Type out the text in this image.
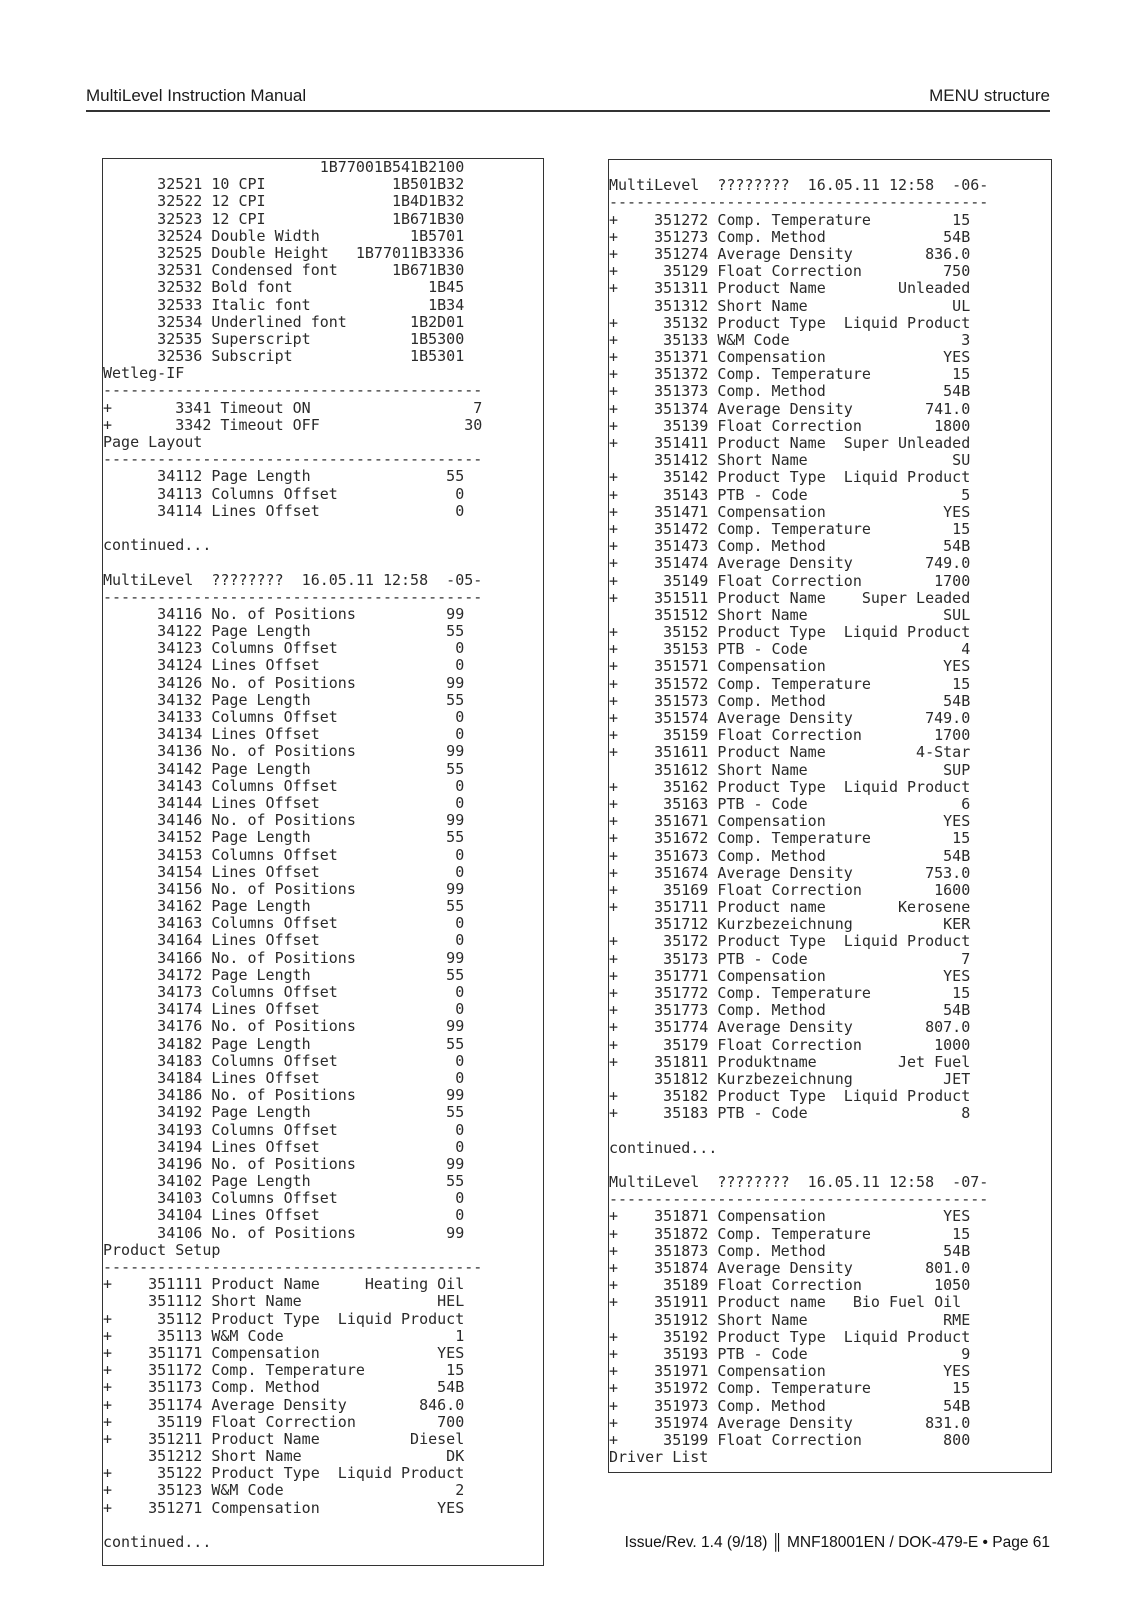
MultiLevel Instruction Manual	MENU structure
1B77001B541B2100
32521 10 CPI              1B501B32
32522 12 CPI              1B4D1B32
32523 12 CPI              1B671B30
32524 Double Width          1B5701
32525 Double Height   1B77011B3336
32531 Condensed font      1B671B30
32532 Bold font               1B45
32533 Italic font             1B34
32534 Underlined font       1B2D01
32535 Superscript           1B5300
32536 Subscript             1B5301
Wetleg-IF
------------------------------------------
+       3341 Timeout ON                  7
+       3342 Timeout OFF                30
Page Layout
------------------------------------------
34112 Page Length               55
34113 Columns Offset             0
34114 Lines Offset               0
continued...
MultiLevel  ????????  16.05.11 12:58  -05-
------------------------------------------
34116 No. of Positions          99
34122 Page Length               55
34123 Columns Offset             0
34124 Lines Offset               0
34126 No. of Positions          99
34132 Page Length               55
34133 Columns Offset             0
34134 Lines Offset               0
34136 No. of Positions          99
34142 Page Length               55
34143 Columns Offset             0
34144 Lines Offset               0
34146 No. of Positions          99
34152 Page Length               55
34153 Columns Offset             0
34154 Lines Offset               0
34156 No. of Positions          99
34162 Page Length               55
34163 Columns Offset             0
34164 Lines Offset               0
34166 No. of Positions          99
34172 Page Length               55
34173 Columns Offset             0
34174 Lines Offset               0
34176 No. of Positions          99
34182 Page Length               55
34183 Columns Offset             0
34184 Lines Offset               0
34186 No. of Positions          99
34192 Page Length               55
34193 Columns Offset             0
34194 Lines Offset               0
34196 No. of Positions          99
34102 Page Length               55
34103 Columns Offset             0
34104 Lines Offset               0
34106 No. of Positions          99
Product Setup
------------------------------------------
+    351111 Product Name     Heating Oil
351112 Short Name               HEL
+     35112 Product Type  Liquid Product
+     35113 W&M Code                   1
+    351171 Compensation             YES
+    351172 Comp. Temperature         15
+    351173 Comp. Method             54B
+    351174 Average Density        846.0
+     35119 Float Correction         700
+    351211 Product Name          Diesel
351212 Short Name                DK
+     35122 Product Type  Liquid Product
+     35123 W&M Code                   2
+    351271 Compensation             YES
continued...
MultiLevel  ????????  16.05.11 12:58  -06-
------------------------------------------
+    351272 Comp. Temperature         15
+    351273 Comp. Method             54B
+    351274 Average Density        836.0
+     35129 Float Correction         750
+    351311 Product Name        Unleaded
351312 Short Name                UL
+     35132 Product Type  Liquid Product
+     35133 W&M Code                   3
+    351371 Compensation             YES
+    351372 Comp. Temperature         15
+    351373 Comp. Method             54B
+    351374 Average Density        741.0
+     35139 Float Correction        1800
+    351411 Product Name  Super Unleaded
351412 Short Name                SU
+     35142 Product Type  Liquid Product
+     35143 PTB - Code                 5
+    351471 Compensation             YES
+    351472 Comp. Temperature         15
+    351473 Comp. Method             54B
+    351474 Average Density        749.0
+     35149 Float Correction        1700
+    351511 Product Name    Super Leaded
351512 Short Name               SUL
+     35152 Product Type  Liquid Product
+     35153 PTB - Code                 4
+    351571 Compensation             YES
+    351572 Comp. Temperature         15
+    351573 Comp. Method             54B
+    351574 Average Density        749.0
+     35159 Float Correction        1700
+    351611 Product Name          4-Star
351612 Short Name               SUP
+     35162 Product Type  Liquid Product
+     35163 PTB - Code                 6
+    351671 Compensation             YES
+    351672 Comp. Temperature         15
+    351673 Comp. Method             54B
+    351674 Average Density        753.0
+     35169 Float Correction        1600
+    351711 Product name        Kerosene
351712 Kurzbezeichnung          KER
+     35172 Product Type  Liquid Product
+     35173 PTB - Code                 7
+    351771 Compensation             YES
+    351772 Comp. Temperature         15
+    351773 Comp. Method             54B
+    351774 Average Density        807.0
+     35179 Float Correction        1000
+    351811 Produktname         Jet Fuel
351812 Kurzbezeichnung          JET
+     35182 Product Type  Liquid Product
+     35183 PTB - Code                 8
continued...
MultiLevel  ????????  16.05.11 12:58  -07-
------------------------------------------
+    351871 Compensation             YES
+    351872 Comp. Temperature         15
+    351873 Comp. Method             54B
+    351874 Average Density        801.0
+     35189 Float Correction        1050
+    351911 Product name   Bio Fuel Oil
351912 Short Name               RME
+     35192 Product Type  Liquid Product
+     35193 PTB - Code                 9
+    351971 Compensation             YES
+    351972 Comp. Temperature         15
+    351973 Comp. Method             54B
+    351974 Average Density        831.0
+     35199 Float Correction         800
Driver List
Issue/Rev. 1.4 (9/18) ║ MNF18001EN / DOK-479-E • Page 61
